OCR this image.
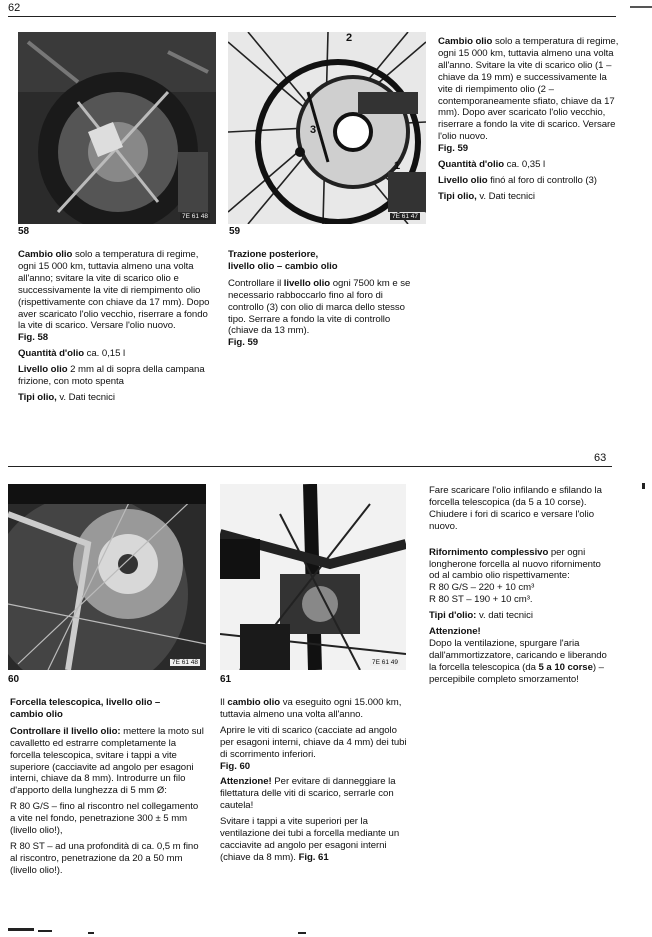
62
7E 61 48
58
2
3
1
7E 61 47
59

Cambio olio solo a temperatura di regime, ogni 15 000 km, tuttavia almeno una volta all'anno; svitare la vite di scarico olio e successivamente la vite di riempimento olio (rispettivamente con chiave da 17 mm). Dopo aver scaricato l'olio vecchio, riserrare a fondo la vite di scarico. Versare l'olio nuovo.
Fig. 58

Quantità d'olio ca. 0,15 l

Livello olio 2 mm al di sopra della campana frizione, con moto spenta

Tipi olio, v. Dati tecnici

Trazione posteriore,

livello olio – cambio olio

Controllare il livello olio ogni 7500 km e se necessario rabboccarlo fino al foro di controllo (3) con olio di marca dello stesso tipo. Serrare a fondo la vite di controllo (chiave da 13 mm).
Fig. 59

Cambio olio solo a temperatura di regime, ogni 15 000 km, tuttavia almeno una volta all'anno. Svitare la vite di scarico olio (1 – chiave da 19 mm) e successivamente la vite di riempimento olio (2 – contemporaneamente sfiato, chiave da 17 mm). Dopo aver scaricato l'olio vecchio, riserrare a fondo la vite di scarico. Versare l'olio nuovo.
Fig. 59

Quantità d'olio ca. 0,35 l

Livello olio finó al foro di controllo (3)

Tipi olio, v. Dati tecnici

63
7E 61 48
60
7E 61 49
61

Forcella telescopica, livello olio –

cambio olio

Controllare il livello olio: mettere la moto sul cavalletto ed estrarre completamente la forcella telescopica, svitare i tappi a vite superiore (cacciavite ad angolo per esagoni interni, chiave da 8 mm). Introdurre un filo d'apporto della lunghezza di 5 mm Ø:

R 80 G/S – fino al riscontro nel collegamento a vite nel fondo, penetrazione 300 ± 5 mm (livello olio!),

R 80 ST – ad una profondità di ca. 0,5 m fino al riscontro, penetrazione da 20 a 50 mm (livello olio!).

Il cambio olio va eseguito ogni 15.000 km, tuttavia almeno una volta all'anno.

Aprire le viti di scarico (cacciate ad angolo per esagoni interni, chiave da 4 mm) dei tubi di scorrimento inferiori.
Fig. 60

Attenzione! Per evitare di danneggiare la filettatura delle viti di scarico, serrarle con cautela!

Svitare i tappi a vite superiori per la ventilazione dei tubi a forcella mediante un cacciavite ad angolo per esagoni interni (chiave da 8 mm). Fig. 61

Fare scaricare l'olio infilando e sfilando la forcella telescopica (da 5 a 10 corse). Chiudere i fori di scarico e versare l'olio nuovo.

Rifornimento complessivo per ogni longherone forcella al nuovo rifornimento od al cambio olio rispettivamente:
R 80 G/S – 220 + 10 cm³
R 80 ST – 190 + 10 cm³.

Tipi d'olio: v. dati tecnici

Attenzione!

Dopo la ventilazione, spurgare l'aria dall'ammortizzatore, caricando e liberando la forcella telescopica (da 5 a 10 corse) – percepibile completo smorzamento!
